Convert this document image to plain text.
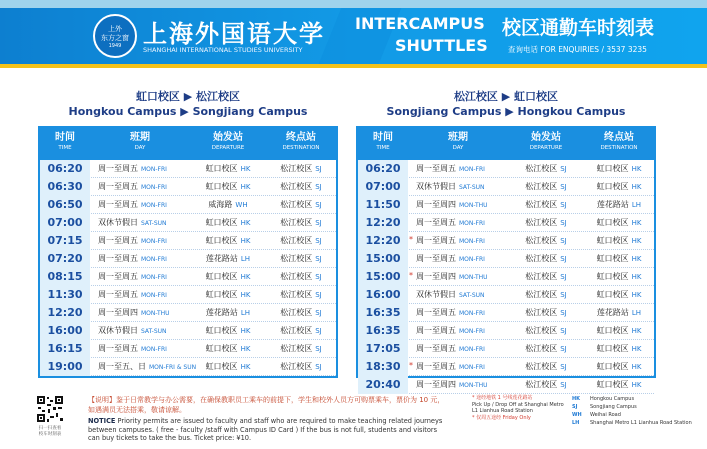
上外
东方之窗
1949 上海外国语大学
SHANGHAI INTERNATIONAL STUDIES UNIVERSITY
INTERCAMPUS
SHUTTLES
校区通勤车时刻表
查询电话 FOR ENQUIRIES / 3537 3235
虹口校区 ▶ 松江校区
Hongkou Campus ▶ Songjiang Campus
松江校区 ▶ 虹口校区
Songjiang Campus ▶ Hongkou Campus
时间
TIME
班期
DAY
始发站
DEPARTURE
终点站
DESTINATION
06:20	周一至周五 MON-FRI	虹口校区 HK	松江校区 SJ
06:30	周一至周五 MON-FRI	虹口校区 HK	松江校区 SJ
06:50	周一至周五 MON-FRI	威海路 WH	松江校区 SJ
07:00	双休节假日 SAT-SUN	虹口校区 HK	松江校区 SJ
07:15	周一至周五 MON-FRI	虹口校区 HK	松江校区 SJ
07:20	周一至周五 MON-FRI	莲花路站 LH	松江校区 SJ
08:15	周一至周五 MON-FRI	虹口校区 HK	松江校区 SJ
11:30	周一至周五 MON-FRI	虹口校区 HK	松江校区 SJ
12:20	周一至周四 MON-THU	莲花路站 LH	松江校区 SJ
16:00	双休节假日 SAT-SUN	虹口校区 HK	松江校区 SJ
16:15	周一至周五 MON-FRI	虹口校区 HK	松江校区 SJ
19:00	周一至五、日 MON-FRI & SUN	虹口校区 HK	松江校区 SJ
时间
TIME
班期
DAY
始发站
DEPARTURE
终点站
DESTINATION
06:20	周一至周五 MON-FRI	松江校区 SJ	虹口校区 HK
07:00	双休节假日 SAT-SUN	松江校区 SJ	虹口校区 HK
11:50	周一至周四 MON-THU	松江校区 SJ	莲花路站 LH
12:20	周一至周五 MON-FRI	松江校区 SJ	虹口校区 HK
12:20	* 周一至周五 MON-FRI	松江校区 SJ	虹口校区 HK
15:00	周一至周五 MON-FRI	松江校区 SJ	虹口校区 HK
15:00	* 周一至周四 MON-THU	松江校区 SJ	虹口校区 HK
16:00	双休节假日 SAT-SUN	松江校区 SJ	虹口校区 HK
16:35	周一至周五 MON-FRI	松江校区 SJ	莲花路站 LH
16:35	周一至周五 MON-FRI	松江校区 SJ	虹口校区 HK
17:05	周一至周五 MON-FRI	松江校区 SJ	虹口校区 HK
18:30	* 周一至周五 MON-FRI	松江校区 SJ	虹口校区 HK
20:40	周一至周四 MON-THU	松江校区 SJ	虹口校区 HK
扫一扫查看
校车时刻表
【说明】鉴于日常教学与办公需要，在确保教职员工乘车的前提下，学生和校外人员方可购票乘车，票价为 10 元，如遇满员无法搭乘，敬请谅解。
NOTICE Priority permits are issued to faculty and staff who are required to make teaching related journeys between campuses. ( free - faculty /staff with Campus ID Card ) If the bus is not full, students and visitors can buy tickets to take the bus. Ticket price: ¥10.
* 途经地铁 1 号线莲花路站
Pick Up / Drop Off at Shanghai Metro L1 Lianhua Road Station
* 仅周五途经 Friday Only
HK	Hongkou Campus
SJ	Songjiang Campus
WH	Weihai Road
LH	Shanghai Metro L1 Lianhua Road Station
